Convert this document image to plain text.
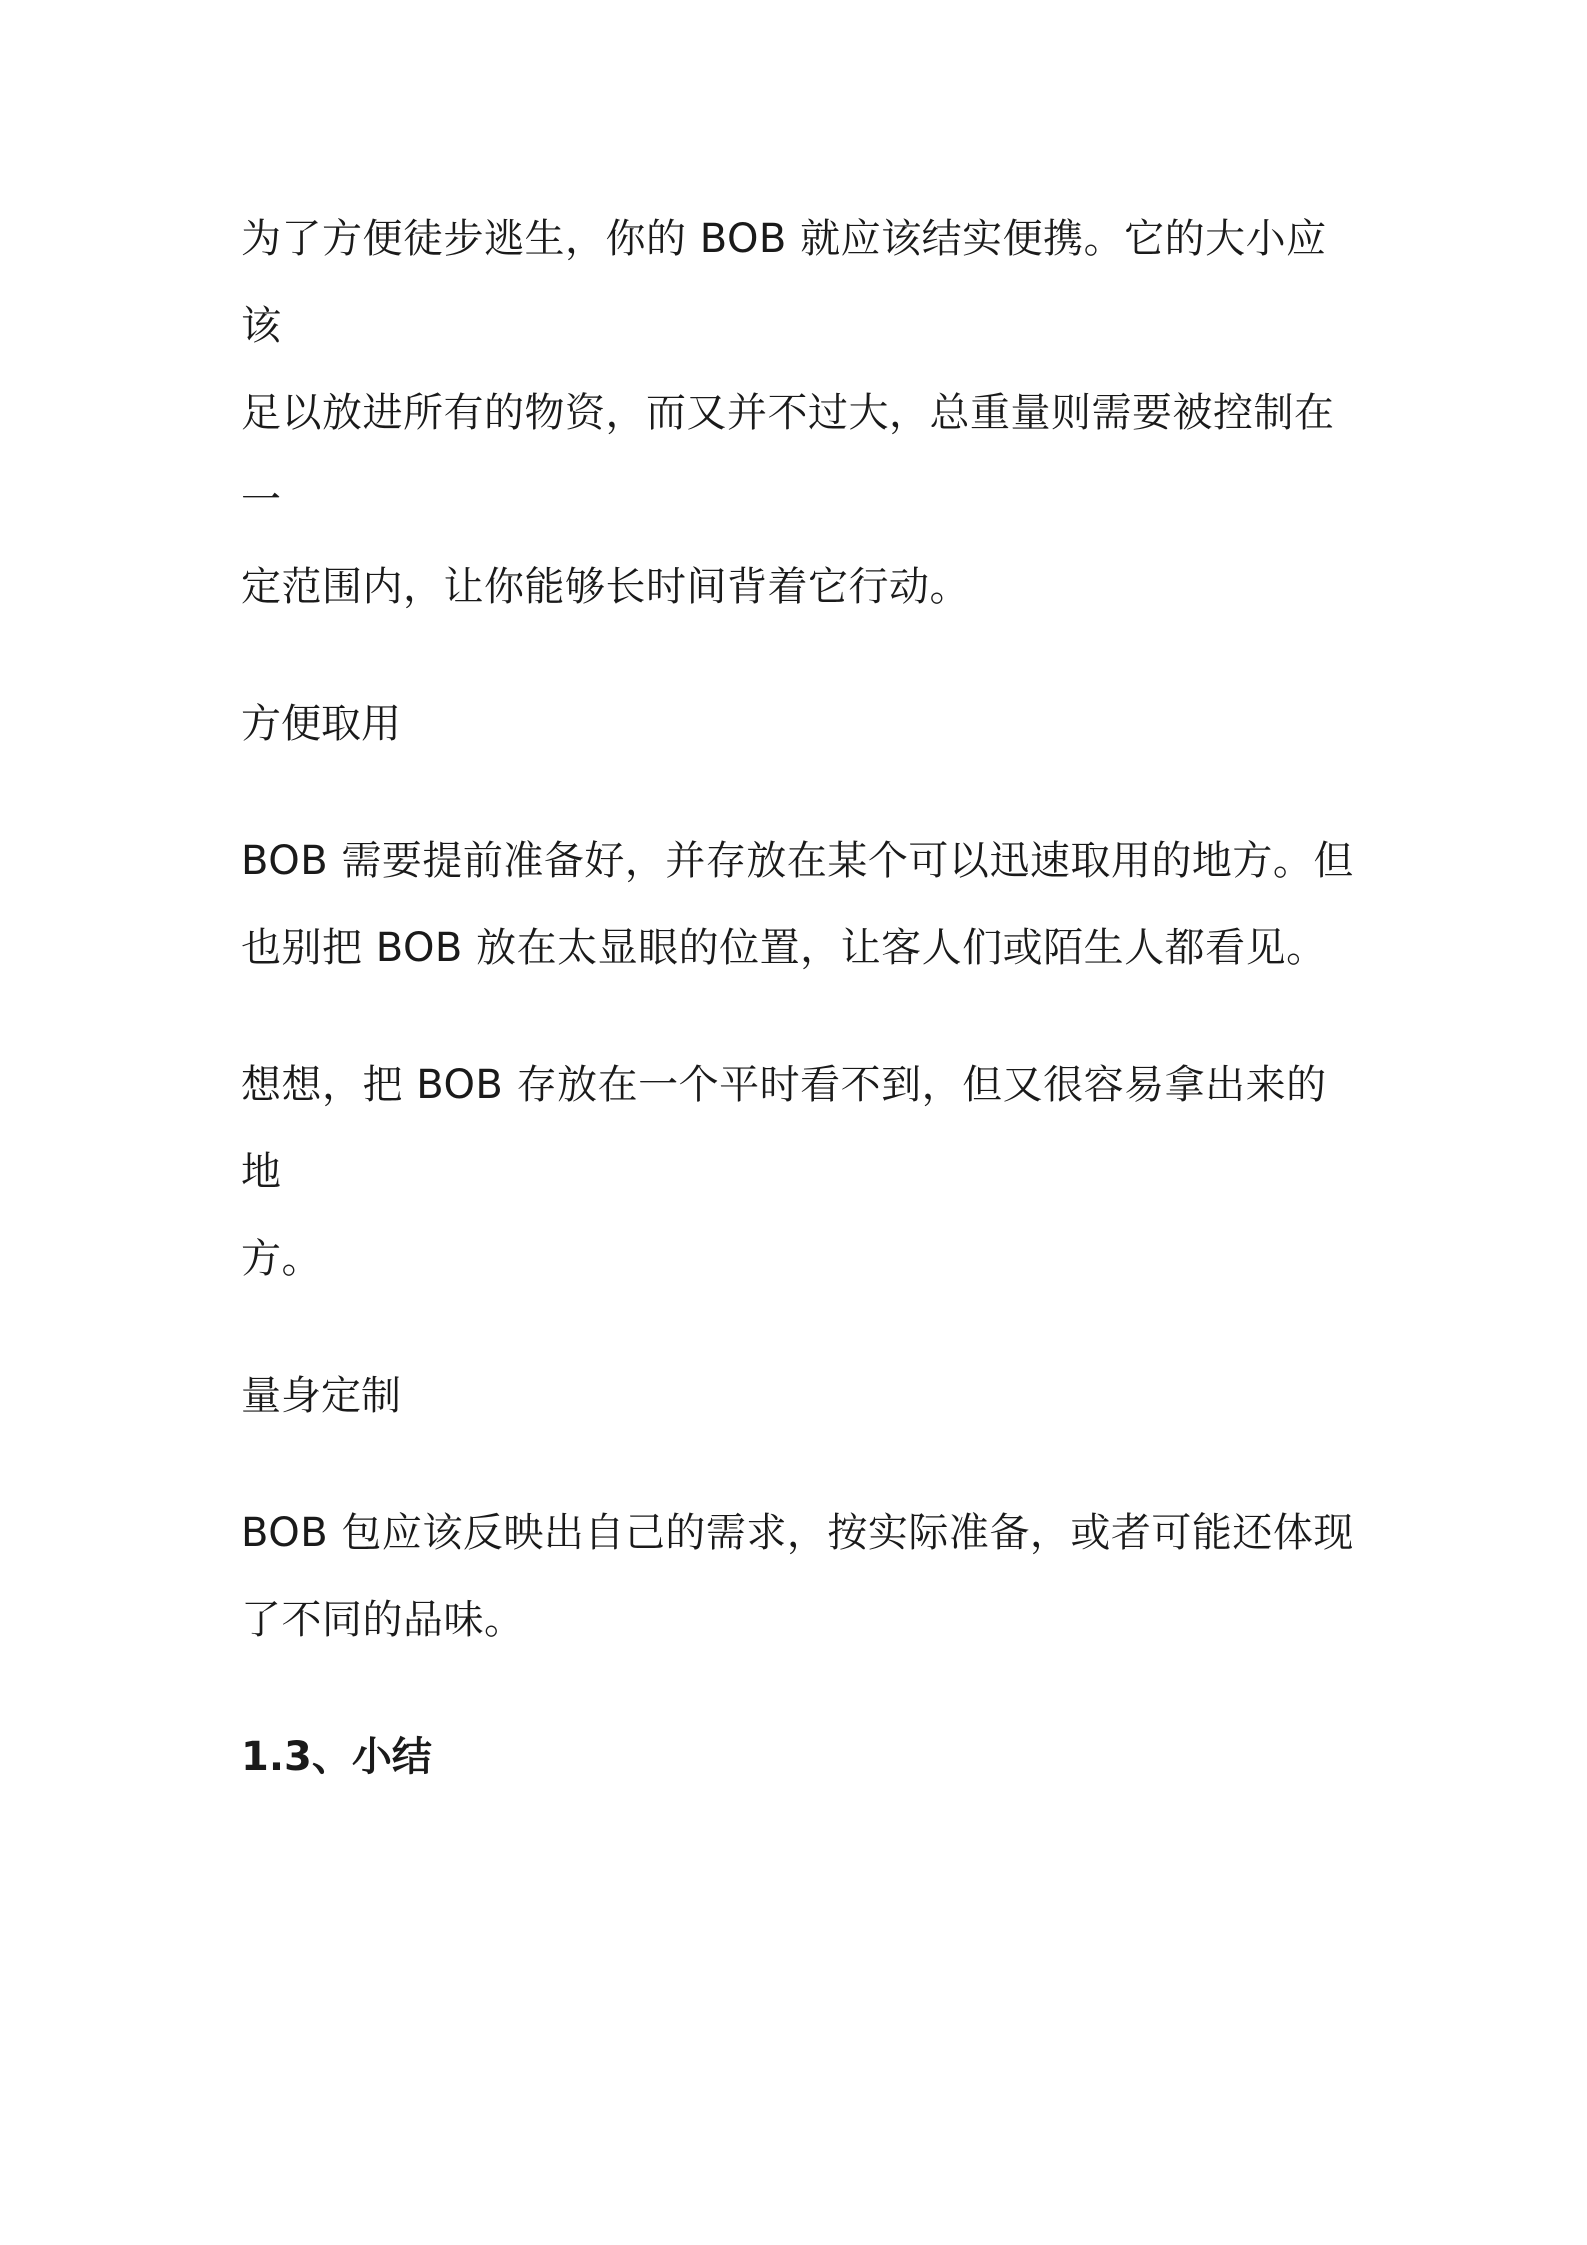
为了方便徒步逃生，你的 BOB 就应该结实便携。它的大小应该
足以放进所有的物资，而又并不过大，总重量则需要被控制在一
定范围内，让你能够长时间背着它行动。

方便取用

BOB 需要提前准备好，并存放在某个可以迅速取用的地方。但
也别把 BOB 放在太显眼的位置，让客人们或陌生人都看见。

想想，把 BOB 存放在一个平时看不到，但又很容易拿出来的地
方。

量身定制

BOB 包应该反映出自己的需求，按实际准备，或者可能还体现
了不同的品味。

1.3、小结
